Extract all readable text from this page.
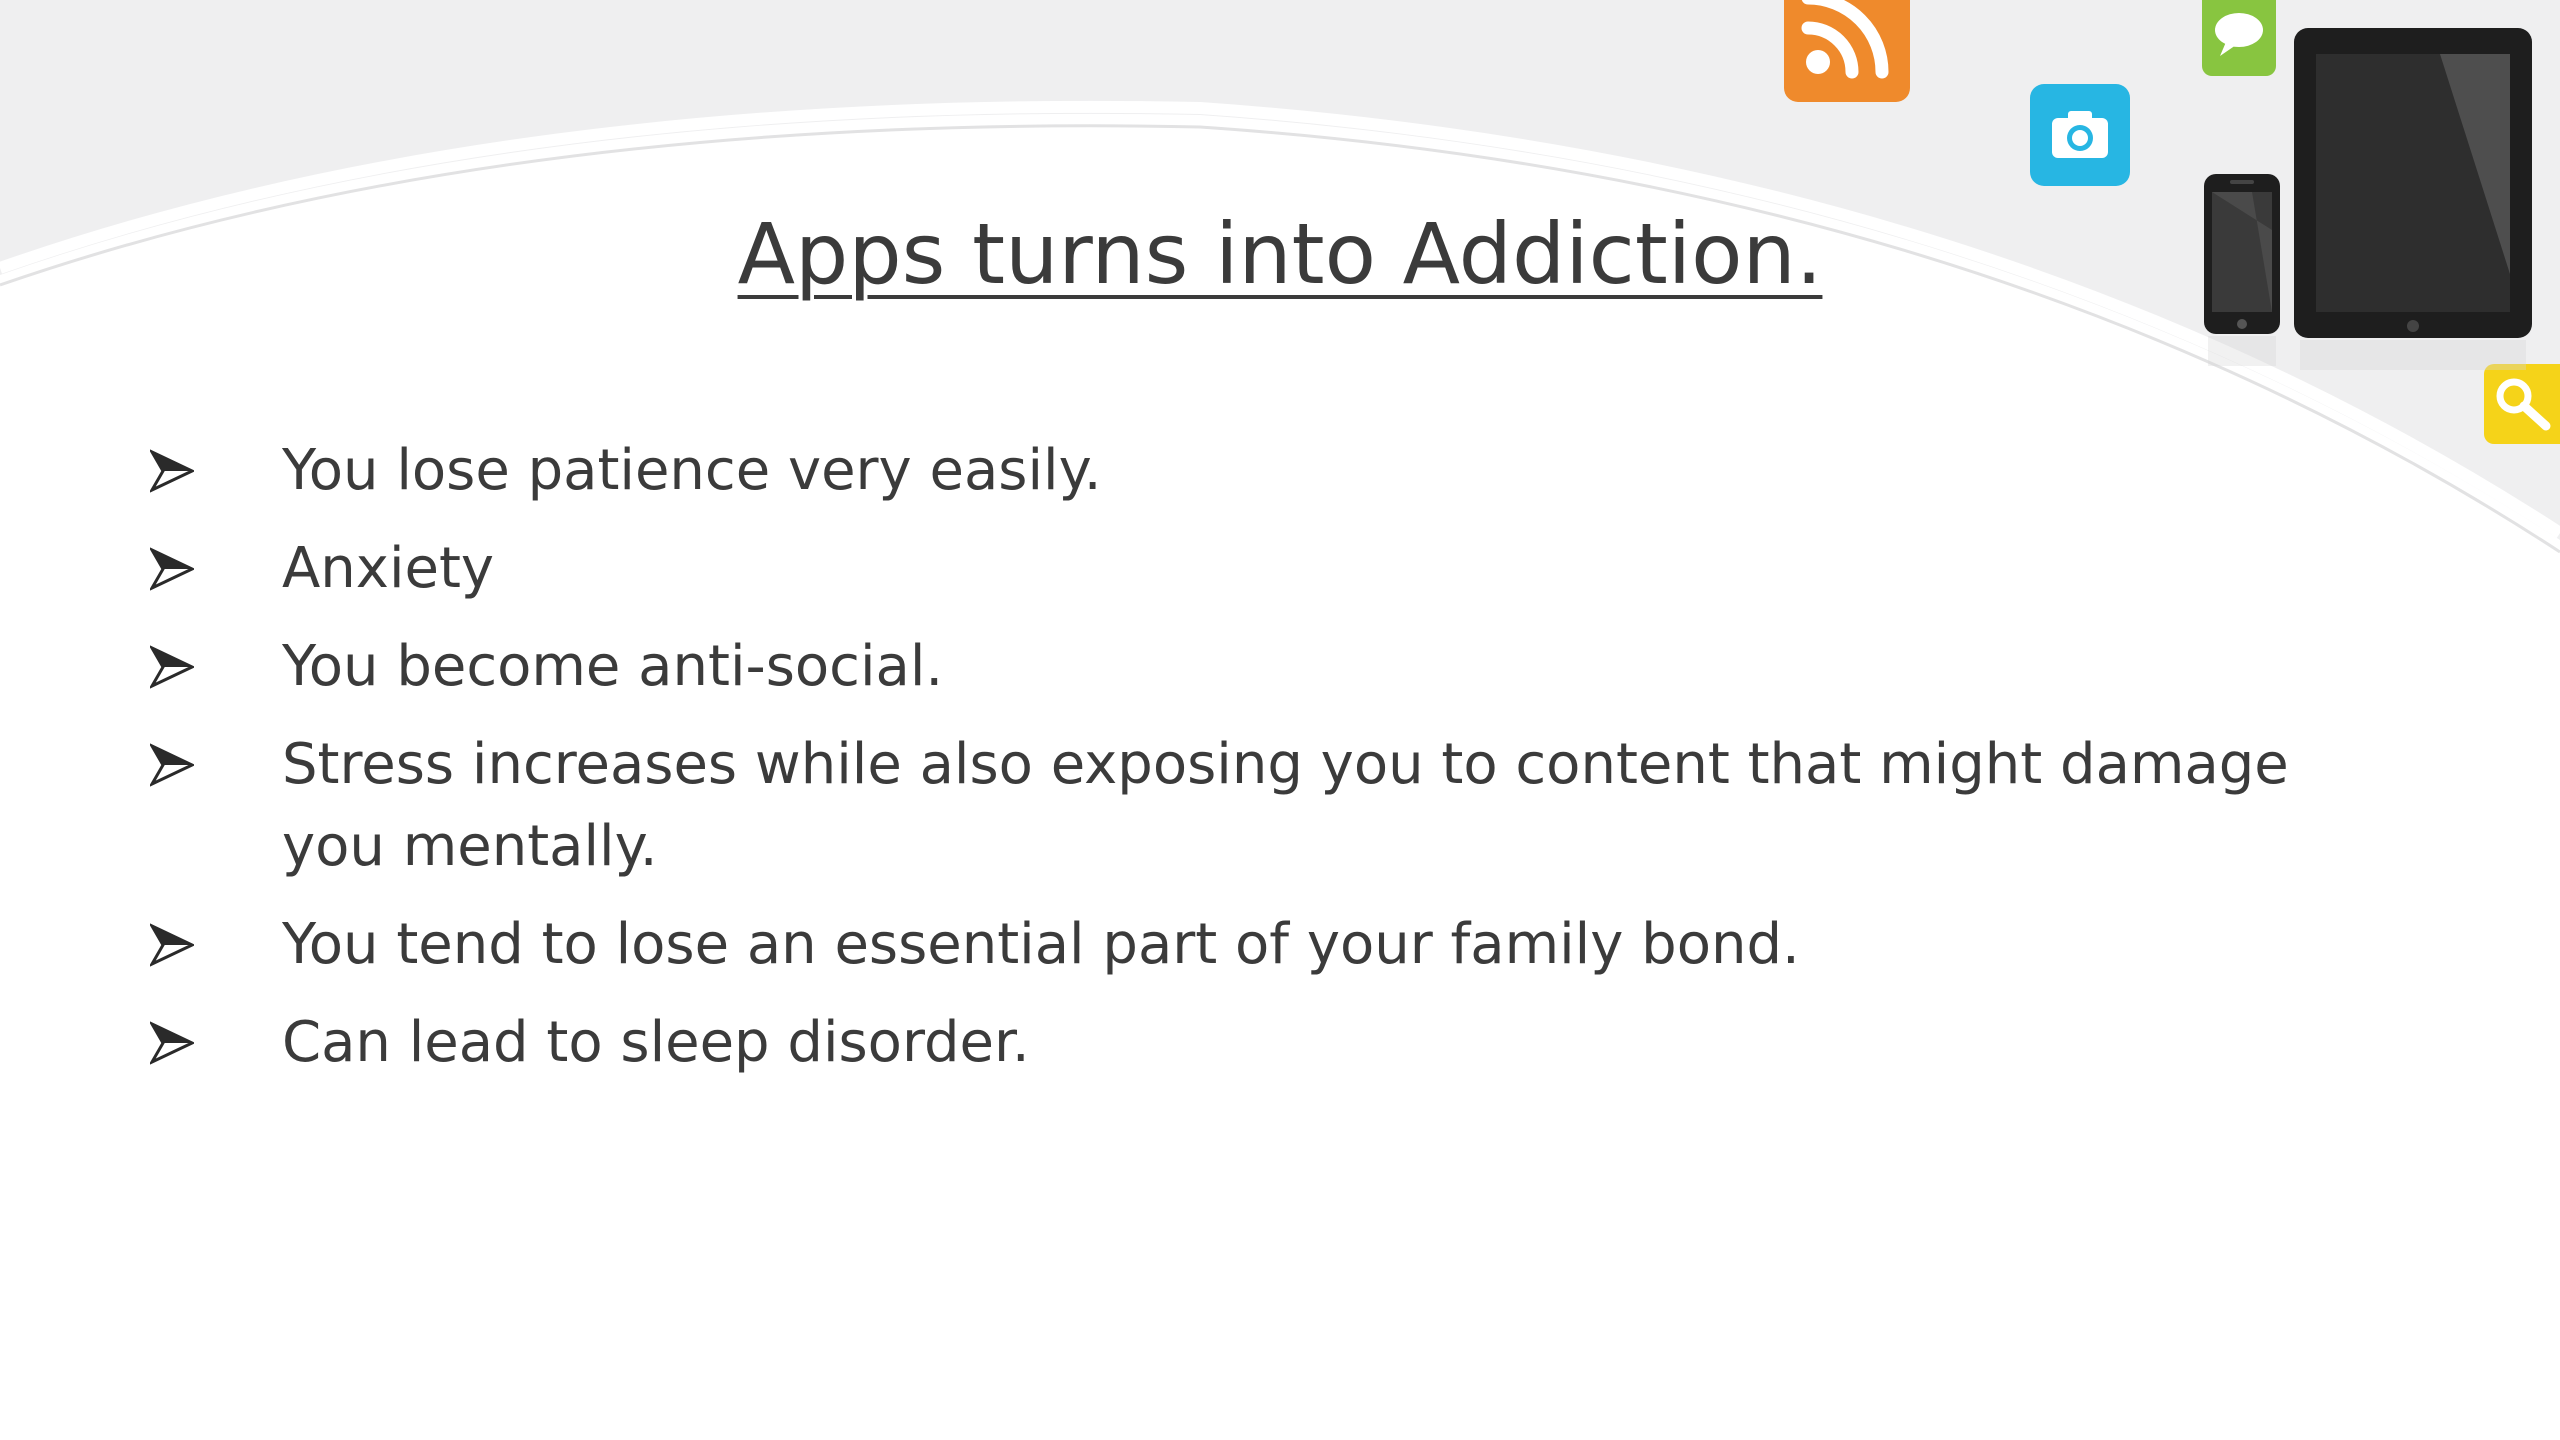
Apps turns into Addiction.
You lose patience very easily.
Anxiety
You become anti-social.
Stress increases while also exposing you to content that might damage you mentally.
You tend to lose an essential part of your family bond.
Can lead to sleep disorder.
